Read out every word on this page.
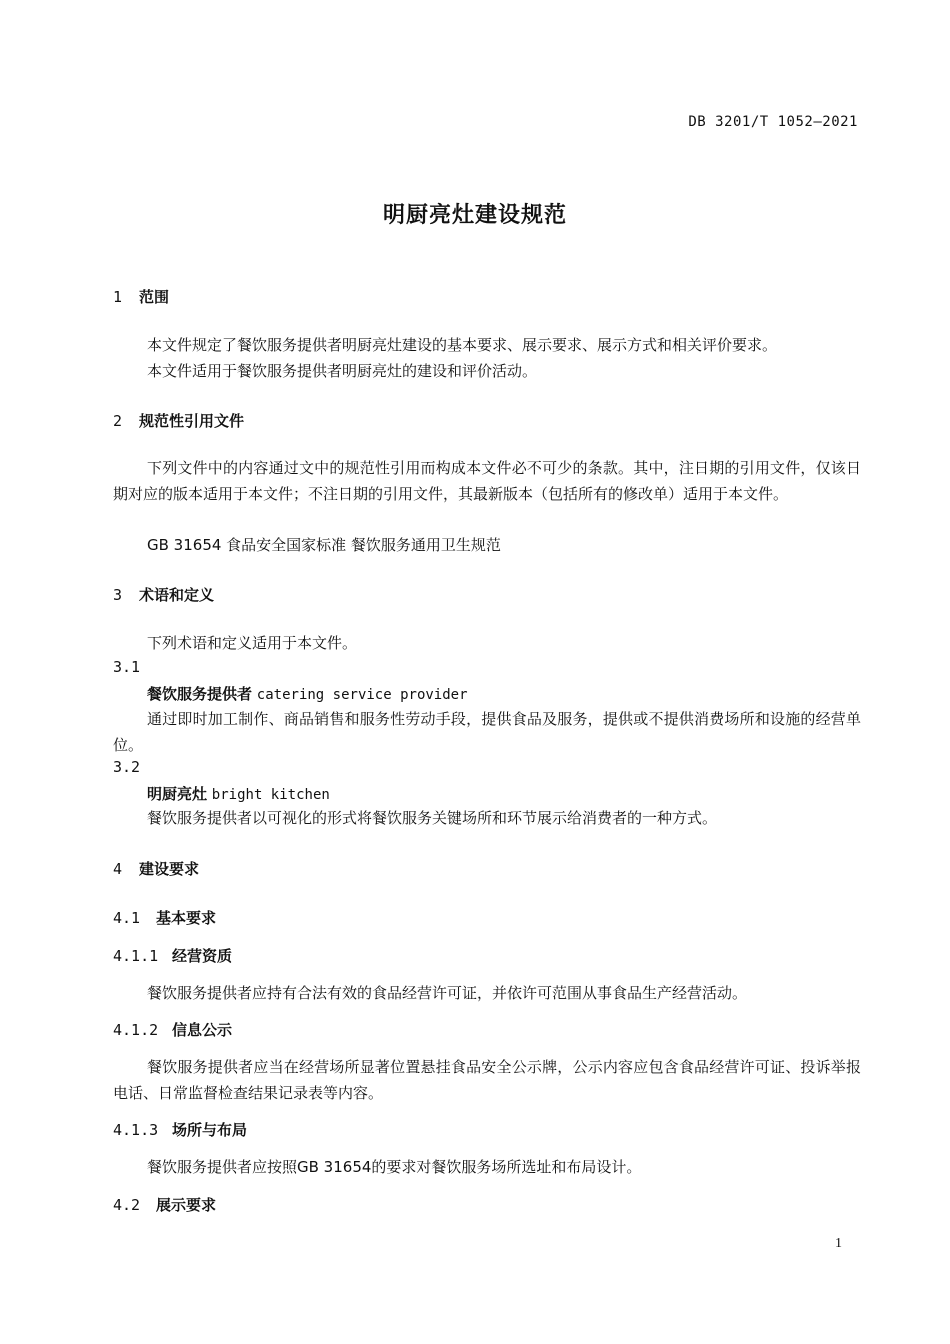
DB 3201/T 1052—2021
明厨亮灶建设规范
1 范围
本文件规定了餐饮服务提供者明厨亮灶建设的基本要求、展示要求、展示方式和相关评价要求。
本文件适用于餐饮服务提供者明厨亮灶的建设和评价活动。
2 规范性引用文件
下列文件中的内容通过文中的规范性引用而构成本文件必不可少的条款。其中，注日期的引用文件，仅该日期对应的版本适用于本文件；不注日期的引用文件，其最新版本（包括所有的修改单）适用于本文件。
GB 31654 食品安全国家标准 餐饮服务通用卫生规范
3 术语和定义
下列术语和定义适用于本文件。
3.1
餐饮服务提供者 catering service provider
通过即时加工制作、商品销售和服务性劳动手段，提供食品及服务，提供或不提供消费场所和设施的经营单位。
3.2
明厨亮灶 bright kitchen
餐饮服务提供者以可视化的形式将餐饮服务关键场所和环节展示给消费者的一种方式。
4 建设要求
4.1 基本要求
4.1.1 经营资质
餐饮服务提供者应持有合法有效的食品经营许可证，并依许可范围从事食品生产经营活动。
4.1.2 信息公示
餐饮服务提供者应当在经营场所显著位置悬挂食品安全公示牌，公示内容应包含食品经营许可证、投诉举报电话、日常监督检查结果记录表等内容。
4.1.3 场所与布局
餐饮服务提供者应按照GB 31654的要求对餐饮服务场所选址和布局设计。
4.2 展示要求
1
